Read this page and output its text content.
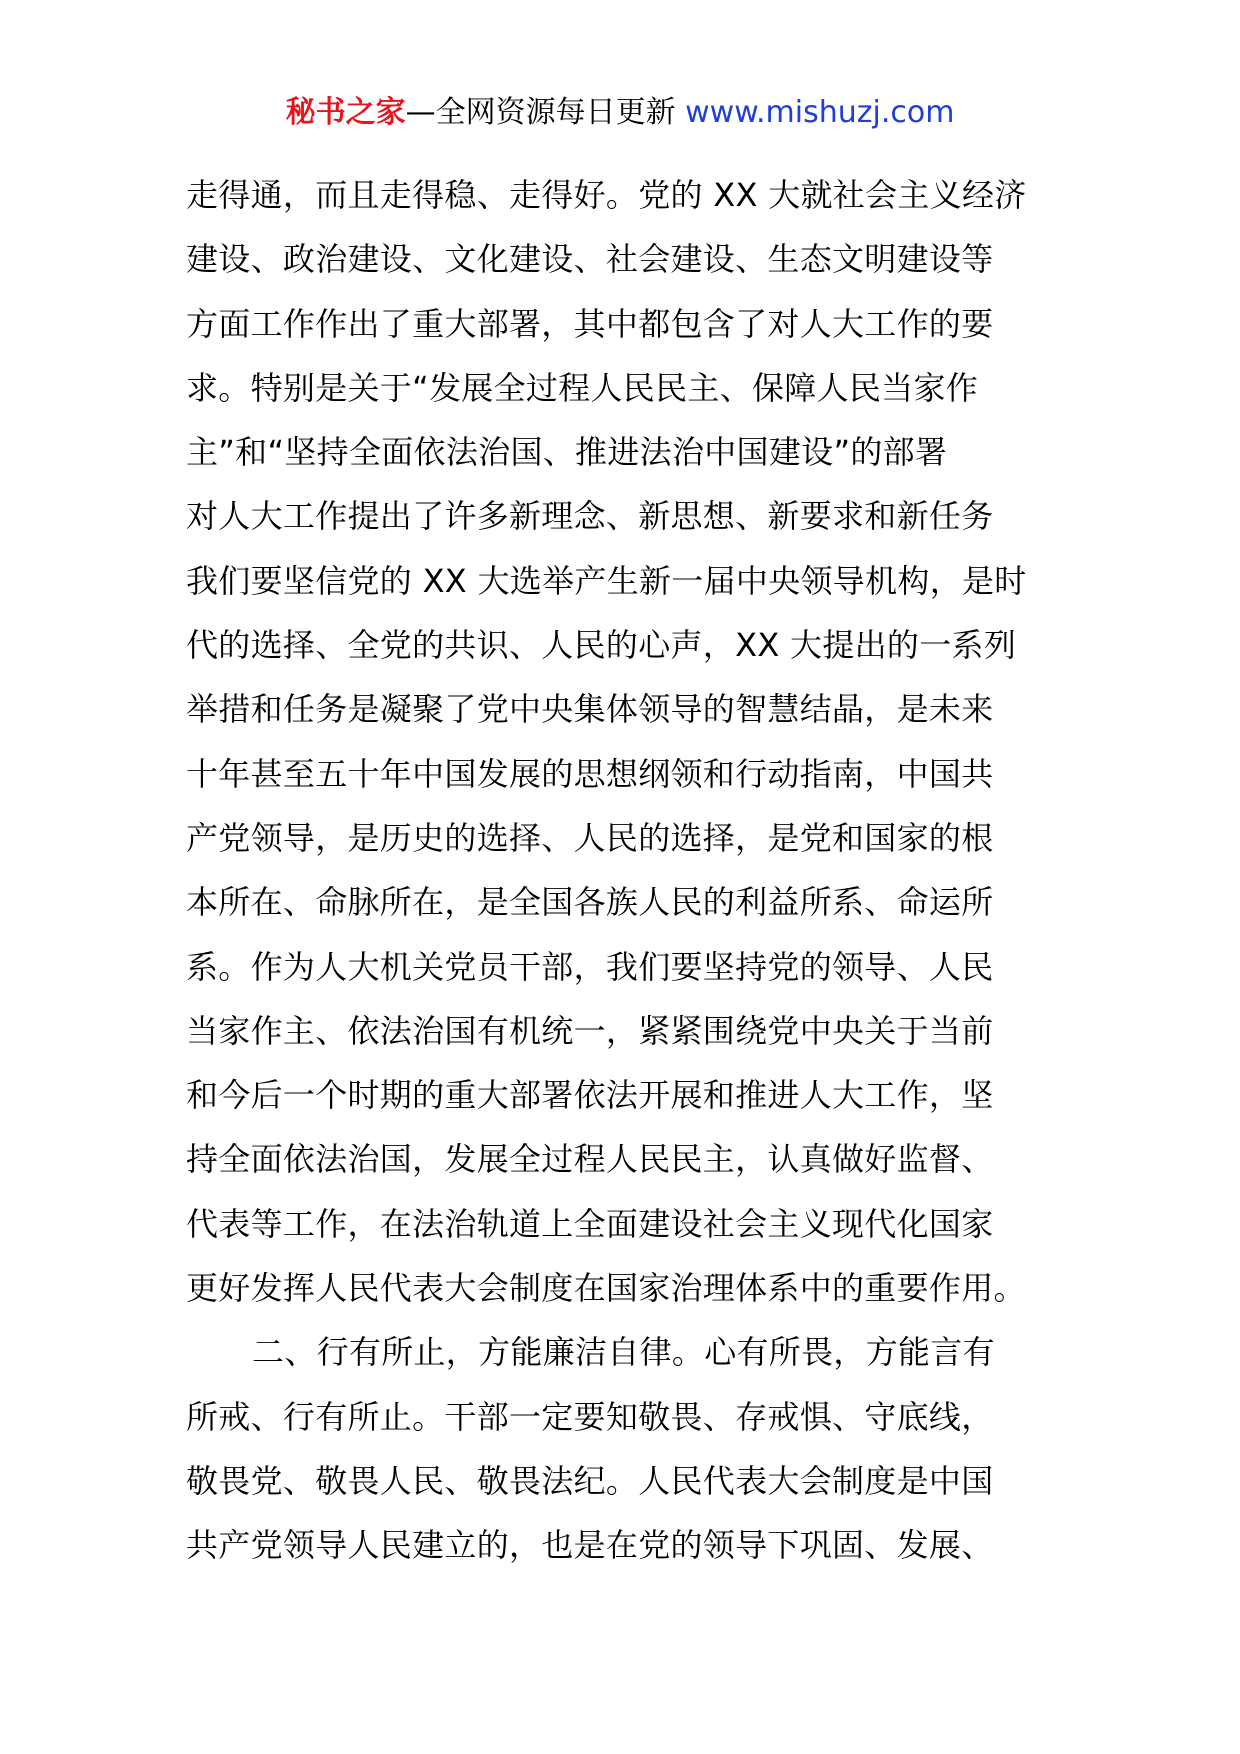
秘书之家—全网资源每日更新 www.mishuzj.com
走得通，而且走得稳、走得好。党的 XX 大就社会主义经济
建设、政治建设、文化建设、社会建设、生态文明建设等
方面工作作出了重大部署，其中都包含了对人大工作的要
求。特别是关于“发展全过程人民民主、保障人民当家作
主”和“坚持全面依法治国、推进法治中国建设”的部署
对人大工作提出了许多新理念、新思想、新要求和新任务
我们要坚信党的 XX 大选举产生新一届中央领导机构，是时
代的选择、全党的共识、人民的心声，XX 大提出的一系列
举措和任务是凝聚了党中央集体领导的智慧结晶，是未来
十年甚至五十年中国发展的思想纲领和行动指南，中国共
产党领导，是历史的选择、人民的选择，是党和国家的根
本所在、命脉所在，是全国各族人民的利益所系、命运所
系。作为人大机关党员干部，我们要坚持党的领导、人民
当家作主、依法治国有机统一，紧紧围绕党中央关于当前
和今后一个时期的重大部署依法开展和推进人大工作，坚
持全面依法治国，发展全过程人民民主，认真做好监督、
代表等工作，在法治轨道上全面建设社会主义现代化国家
更好发挥人民代表大会制度在国家治理体系中的重要作用。
二、行有所止，方能廉洁自律。心有所畏，方能言有
所戒、行有所止。干部一定要知敬畏、存戒惧、守底线，
敬畏党、敬畏人民、敬畏法纪。人民代表大会制度是中国
共产党领导人民建立的，也是在党的领导下巩固、发展、
